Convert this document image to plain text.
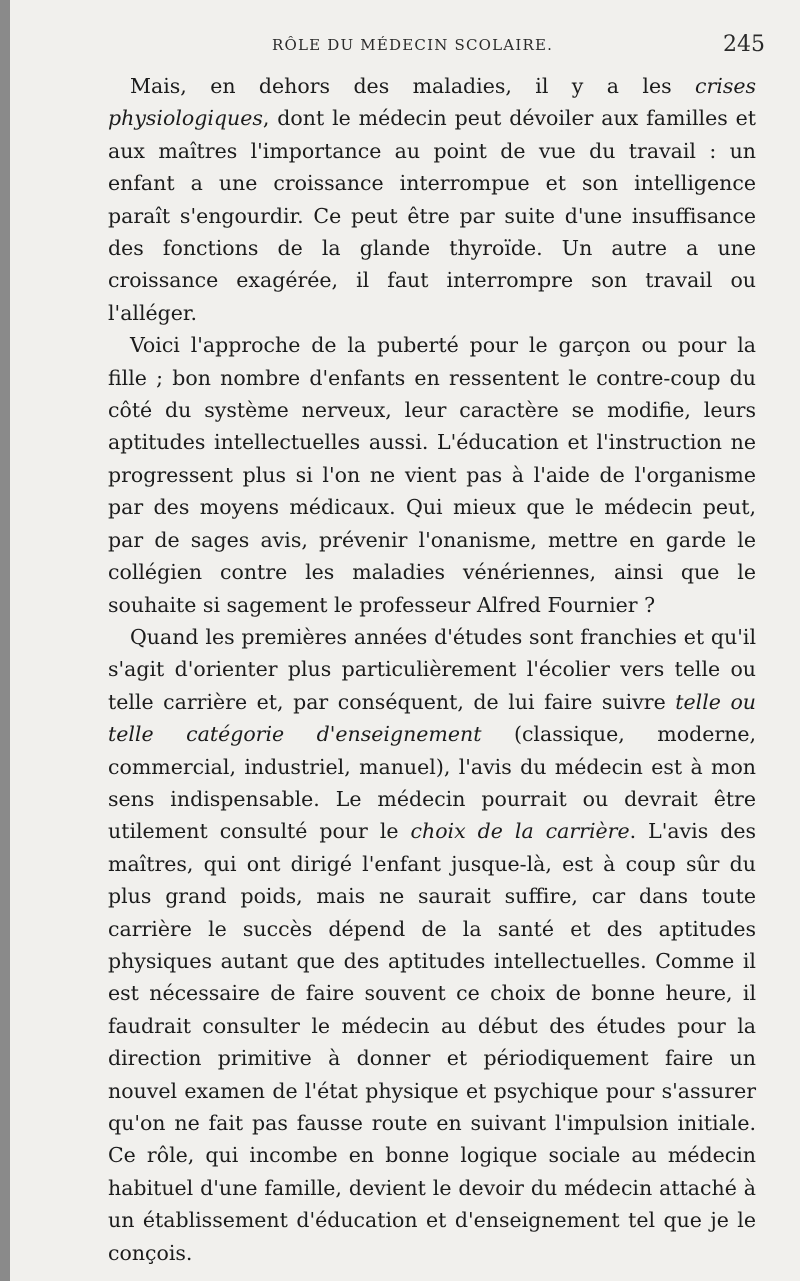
RÔLE DU MÉDECIN SCOLAIRE.	245

Mais, en dehors des maladies, il y a les crises physiologiques, dont le médecin peut dévoiler aux familles et aux maîtres l'importance au point de vue du travail : un enfant a une croissance interrompue et son intelligence paraît s'engourdir. Ce peut être par suite d'une insuffisance des fonctions de la glande thyroïde. Un autre a une croissance exagérée, il faut interrompre son travail ou l'alléger.

Voici l'approche de la puberté pour le garçon ou pour la fille ; bon nombre d'enfants en ressentent le contre-coup du côté du système nerveux, leur caractère se modifie, leurs aptitudes intellectuelles aussi. L'éducation et l'instruction ne progressent plus si l'on ne vient pas à l'aide de l'organisme par des moyens médicaux. Qui mieux que le médecin peut, par de sages avis, prévenir l'onanisme, mettre en garde le collégien contre les maladies vénériennes, ainsi que le souhaite si sagement le professeur Alfred Fournier ?

Quand les premières années d'études sont franchies et qu'il s'agit d'orienter plus particulièrement l'écolier vers telle ou telle carrière et, par conséquent, de lui faire suivre telle ou telle catégorie d'enseignement (classique, moderne, commercial, industriel, manuel), l'avis du médecin est à mon sens indispensable. Le médecin pourrait ou devrait être utilement consulté pour le choix de la carrière. L'avis des maîtres, qui ont dirigé l'enfant jusque-là, est à coup sûr du plus grand poids, mais ne saurait suffire, car dans toute carrière le succès dépend de la santé et des aptitudes physiques autant que des aptitudes intellectuelles. Comme il est nécessaire de faire souvent ce choix de bonne heure, il faudrait consulter le médecin au début des études pour la direction primitive à donner et périodiquement faire un nouvel examen de l'état physique et psychique pour s'assurer qu'on ne fait pas fausse route en suivant l'impulsion initiale. Ce rôle, qui incombe en bonne logique sociale au médecin habituel d'une famille, devient le devoir du médecin attaché à un établissement d'éducation et d'enseignement tel que je le conçois.
